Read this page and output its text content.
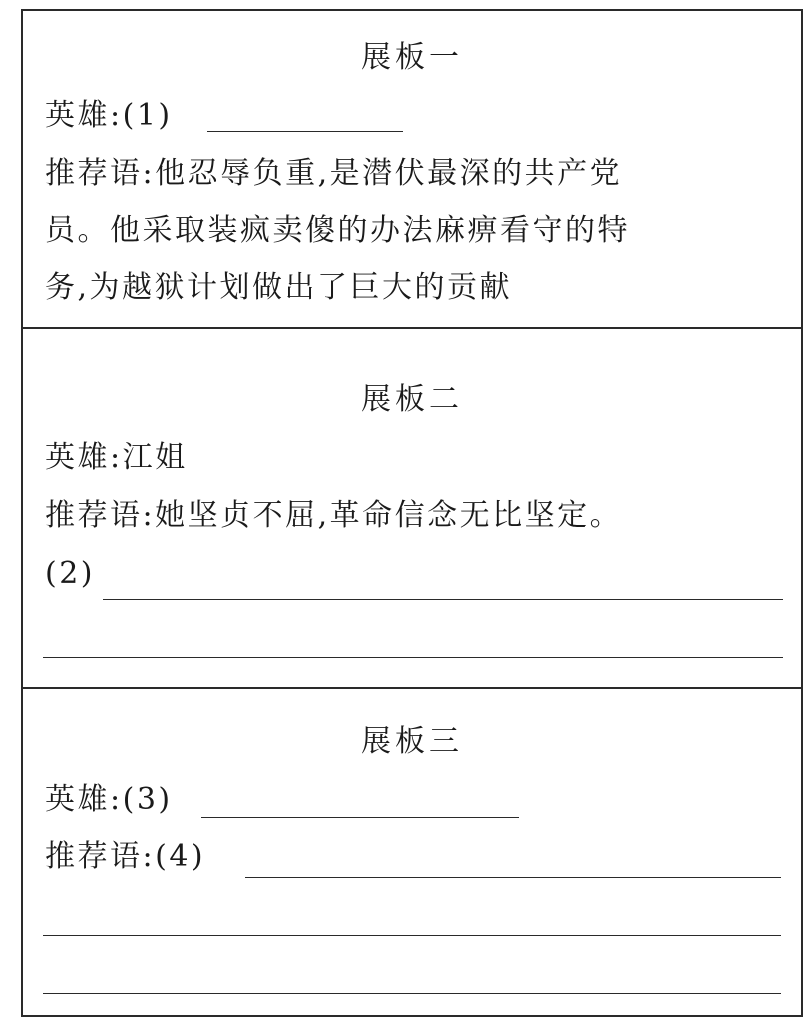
展板一
英雄:(1)
推荐语:他忍辱负重,是潜伏最深的共产党
员。他采取装疯卖傻的办法麻痹看守的特
务,为越狱计划做出了巨大的贡献
展板二
英雄:江姐
推荐语:她坚贞不屈,革命信念无比坚定。
(2)
展板三
英雄:(3)
推荐语:(4)
